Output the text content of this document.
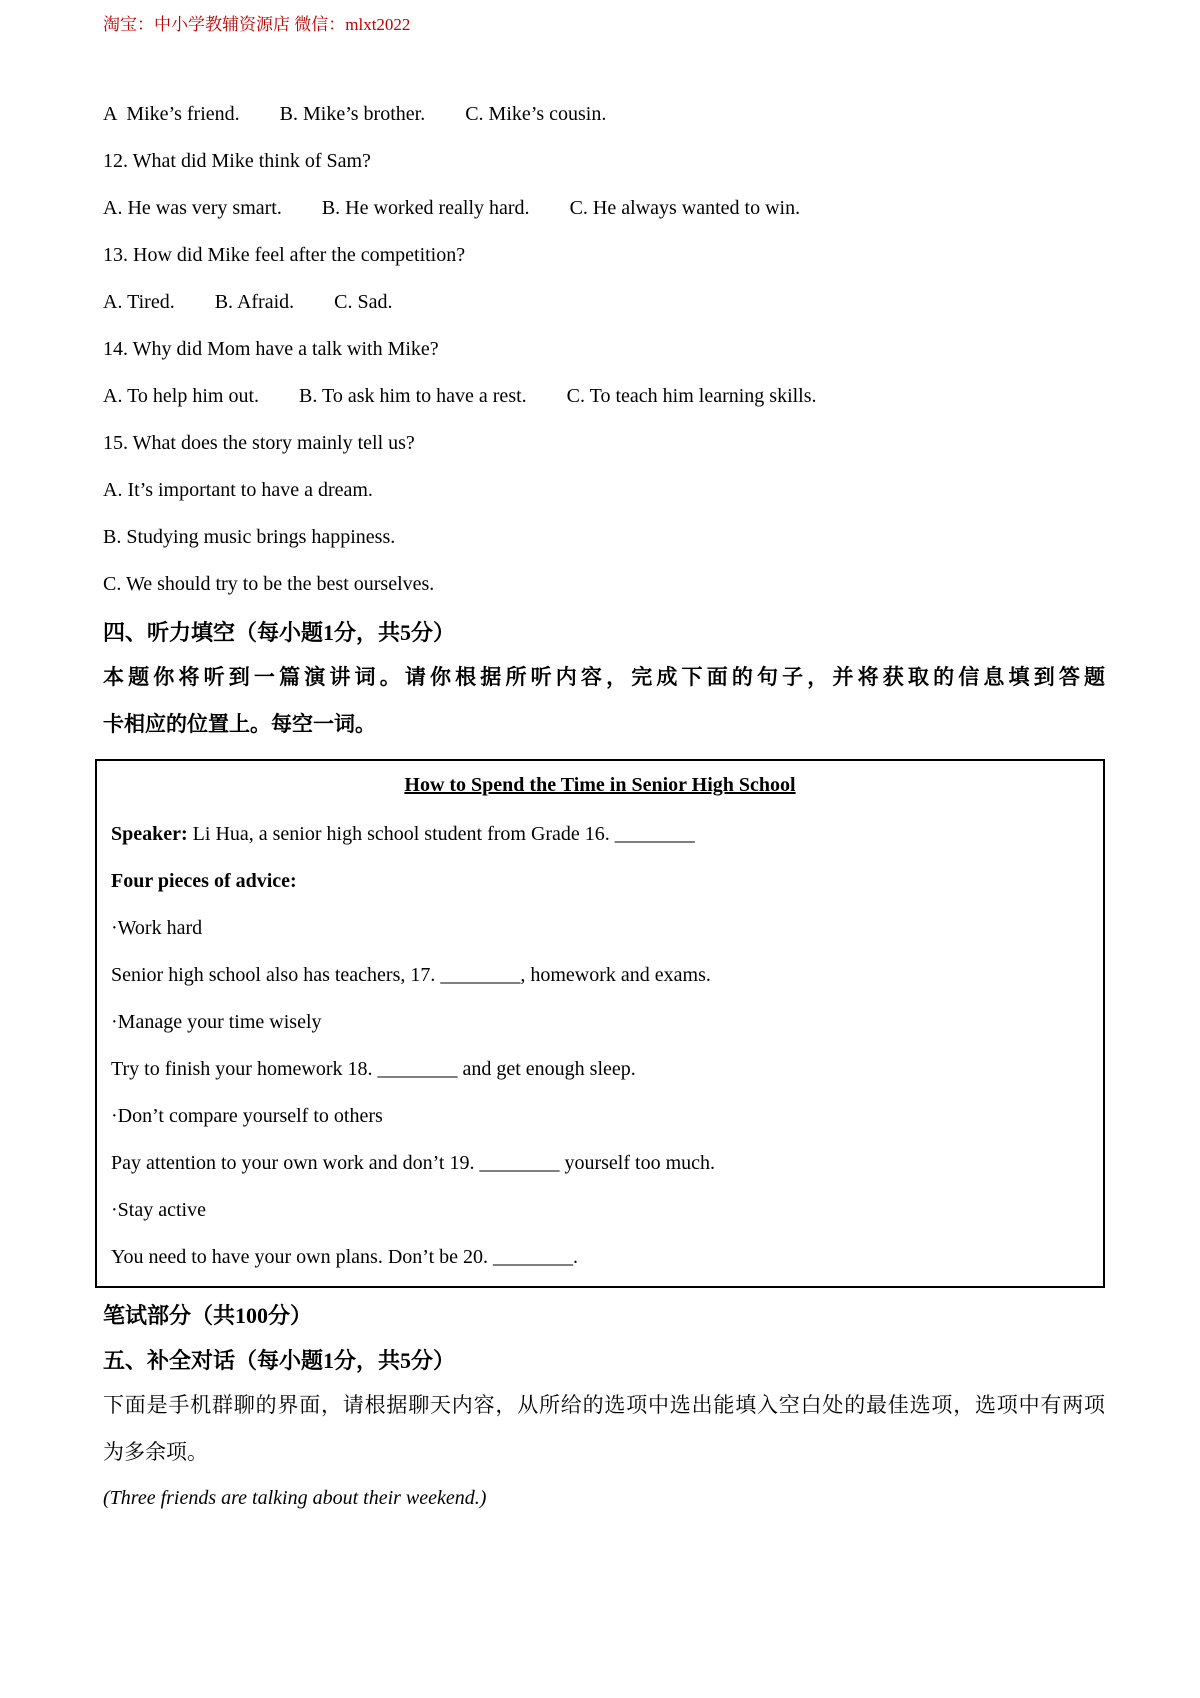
淘宝：中小学教辅资源店 微信：mlxt2022
A  Mike’s friend. B. Mike’s brother. C. Mike’s cousin.
12. What did Mike think of Sam?
A. He was very smart. B. He worked really hard. C. He always wanted to win.
13. How did Mike feel after the competition?
A. Tired. B. Afraid. C. Sad.
14. Why did Mom have a talk with Mike?
A. To help him out. B. To ask him to have a rest. C. To teach him learning skills.
15. What does the story mainly tell us?
A. It’s important to have a dream.
B. Studying music brings happiness.
C. We should try to be the best ourselves.
四、听力填空（每小题1分，共5分）
本题你将听到一篇演讲词。请你根据所听内容，完成下面的句子，并将获取的信息填到答题
卡相应的位置上。每空一词。
How to Spend the Time in Senior High School
Speaker: Li Hua, a senior high school student from Grade 16. ________
Four pieces of advice:
·Work hard
Senior high school also has teachers, 17. ________, homework and exams.
·Manage your time wisely
Try to finish your homework 18. ________ and get enough sleep.
·Don’t compare yourself to others
Pay attention to your own work and don’t 19. ________ yourself too much.
·Stay active
You need to have your own plans. Don’t be 20. ________.
笔试部分（共100分）
五、补全对话（每小题1分，共5分）
下面是手机群聊的界面，请根据聊天内容，从所给的选项中选出能填入空白处的最佳选项，选项中有两项
为多余项。
(Three friends are talking about their weekend.)
